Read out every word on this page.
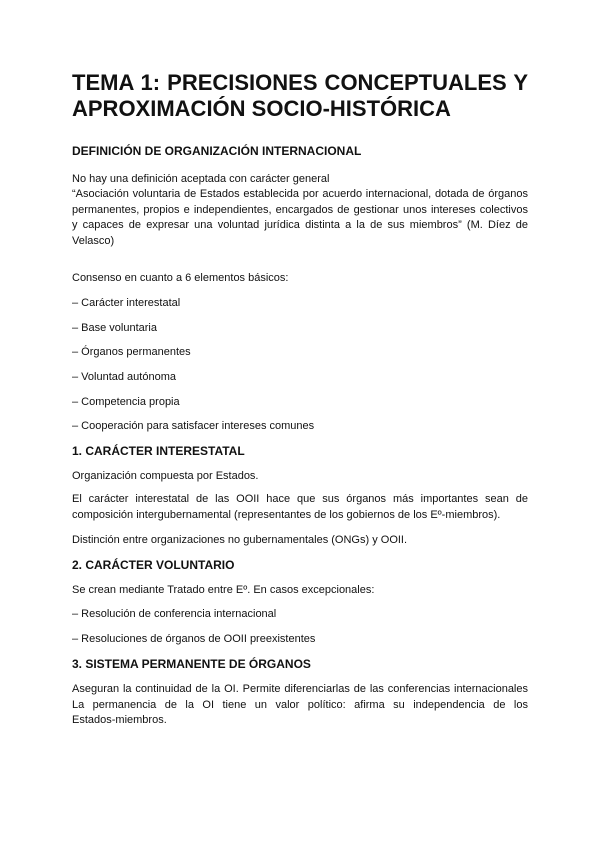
TEMA 1: PRECISIONES CONCEPTUALES Y
APROXIMACIÓN SOCIO-HISTÓRICA
DEFINICIÓN DE ORGANIZACIÓN INTERNACIONAL

No hay una definición aceptada con carácter general

“Asociación voluntaria de Estados establecida por acuerdo internacional, dotada de órganos
permanentes, propios e independientes, encargados de gestionar unos intereses colectivos
y capaces de expresar una voluntad jurídica distinta a la de sus miembros” (M. Díez de
Velasco)

Consenso en cuanto a 6 elementos básicos:

– Carácter interestatal

– Base voluntaria

– Órganos permanentes

– Voluntad autónoma

– Competencia propia

– Cooperación para satisfacer intereses comunes

1. CARÁCTER INTERESTATAL

Organización compuesta por Estados.

El carácter interestatal de las OOII hace que sus órganos más importantes sean de
composición intergubernamental (representantes de los gobiernos de los Eº-miembros).

Distinción entre organizaciones no gubernamentales (ONGs) y OOII.

2. CARÁCTER VOLUNTARIO

Se crean mediante Tratado entre Eº. En casos excepcionales:

– Resolución de conferencia internacional

– Resoluciones de órganos de OOII preexistentes

3. SISTEMA PERMANENTE DE ÓRGANOS

Aseguran la continuidad de la OI. Permite diferenciarlas de las conferencias internacionales
La permanencia de la OI tiene un valor político: afirma su independencia de los
Estados-miembros.
